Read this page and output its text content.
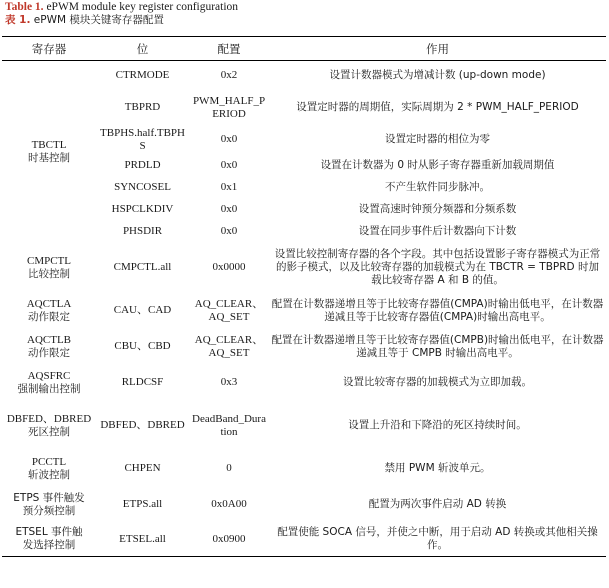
Table 1. ePWM module key register configuration
表 1. ePWM 模块关键寄存器配置
寄存器	位	配置	作用

TBCTL
时基控制	CTRMODE	0x2	设置计数器模式为增减计数 (up-down mode)
	TBPRD	PWM_HALF_PERIOD	设置定时器的周期值，实际周期为 2 * PWM_HALF_PERIOD
	TBPHS.half.TBPHS	0x0	设置定时器的相位为零
	PRDLD	0x0	设置在计数器为 0 时从影子寄存器重新加载周期值
	SYNCOSEL	0x1	不产生软件同步脉冲。
	HSPCLKDIV	0x0	设置高速时钟预分频器和分频系数
	PHSDIR	0x0	设置在同步事件后计数器向下计数

CMPCTL
比较控制	CMPCTL.all	0x0000	设置比较控制寄存器的各个字段。其中包括设置影子寄存器模式为正常的影子模式，以及比较寄存器的加载模式为在 TBCTR = TBPRD 时加载比较寄存器 A 和 B 的值。

AQCTLA
动作限定	CAU、CAD	AQ_CLEAR、AQ_SET	配置在计数器递增且等于比较寄存器值(CMPA)时输出低电平，在计数器递减且等于比较寄存器值(CMPA)时输出高电平。

AQCTLB
动作限定	CBU、CBD	AQ_CLEAR、AQ_SET	配置在计数器递增且等于比较寄存器值(CMPB)时输出低电平，在计数器递减且等于 CMPB 时输出高电平。

AQSFRC
强制输出控制	RLDCSF	0x3	设置比较寄存器的加载模式为立即加载。

DBFED、DBRED
死区控制	DBFED、DBRED	DeadBand_Duration	设置上升沿和下降沿的死区持续时间。

PCCTL
斩波控制	CHPEN	0	禁用 PWM 斩波单元。

ETPS 事件触发
预分频控制	ETPS.all	0x0A00	配置为两次事件启动 AD 转换

ETSEL 事件触
发选择控制	ETSEL.all	0x0900	配置使能 SOCA 信号，并使之中断，用于启动 AD 转换或其他相关操作。
